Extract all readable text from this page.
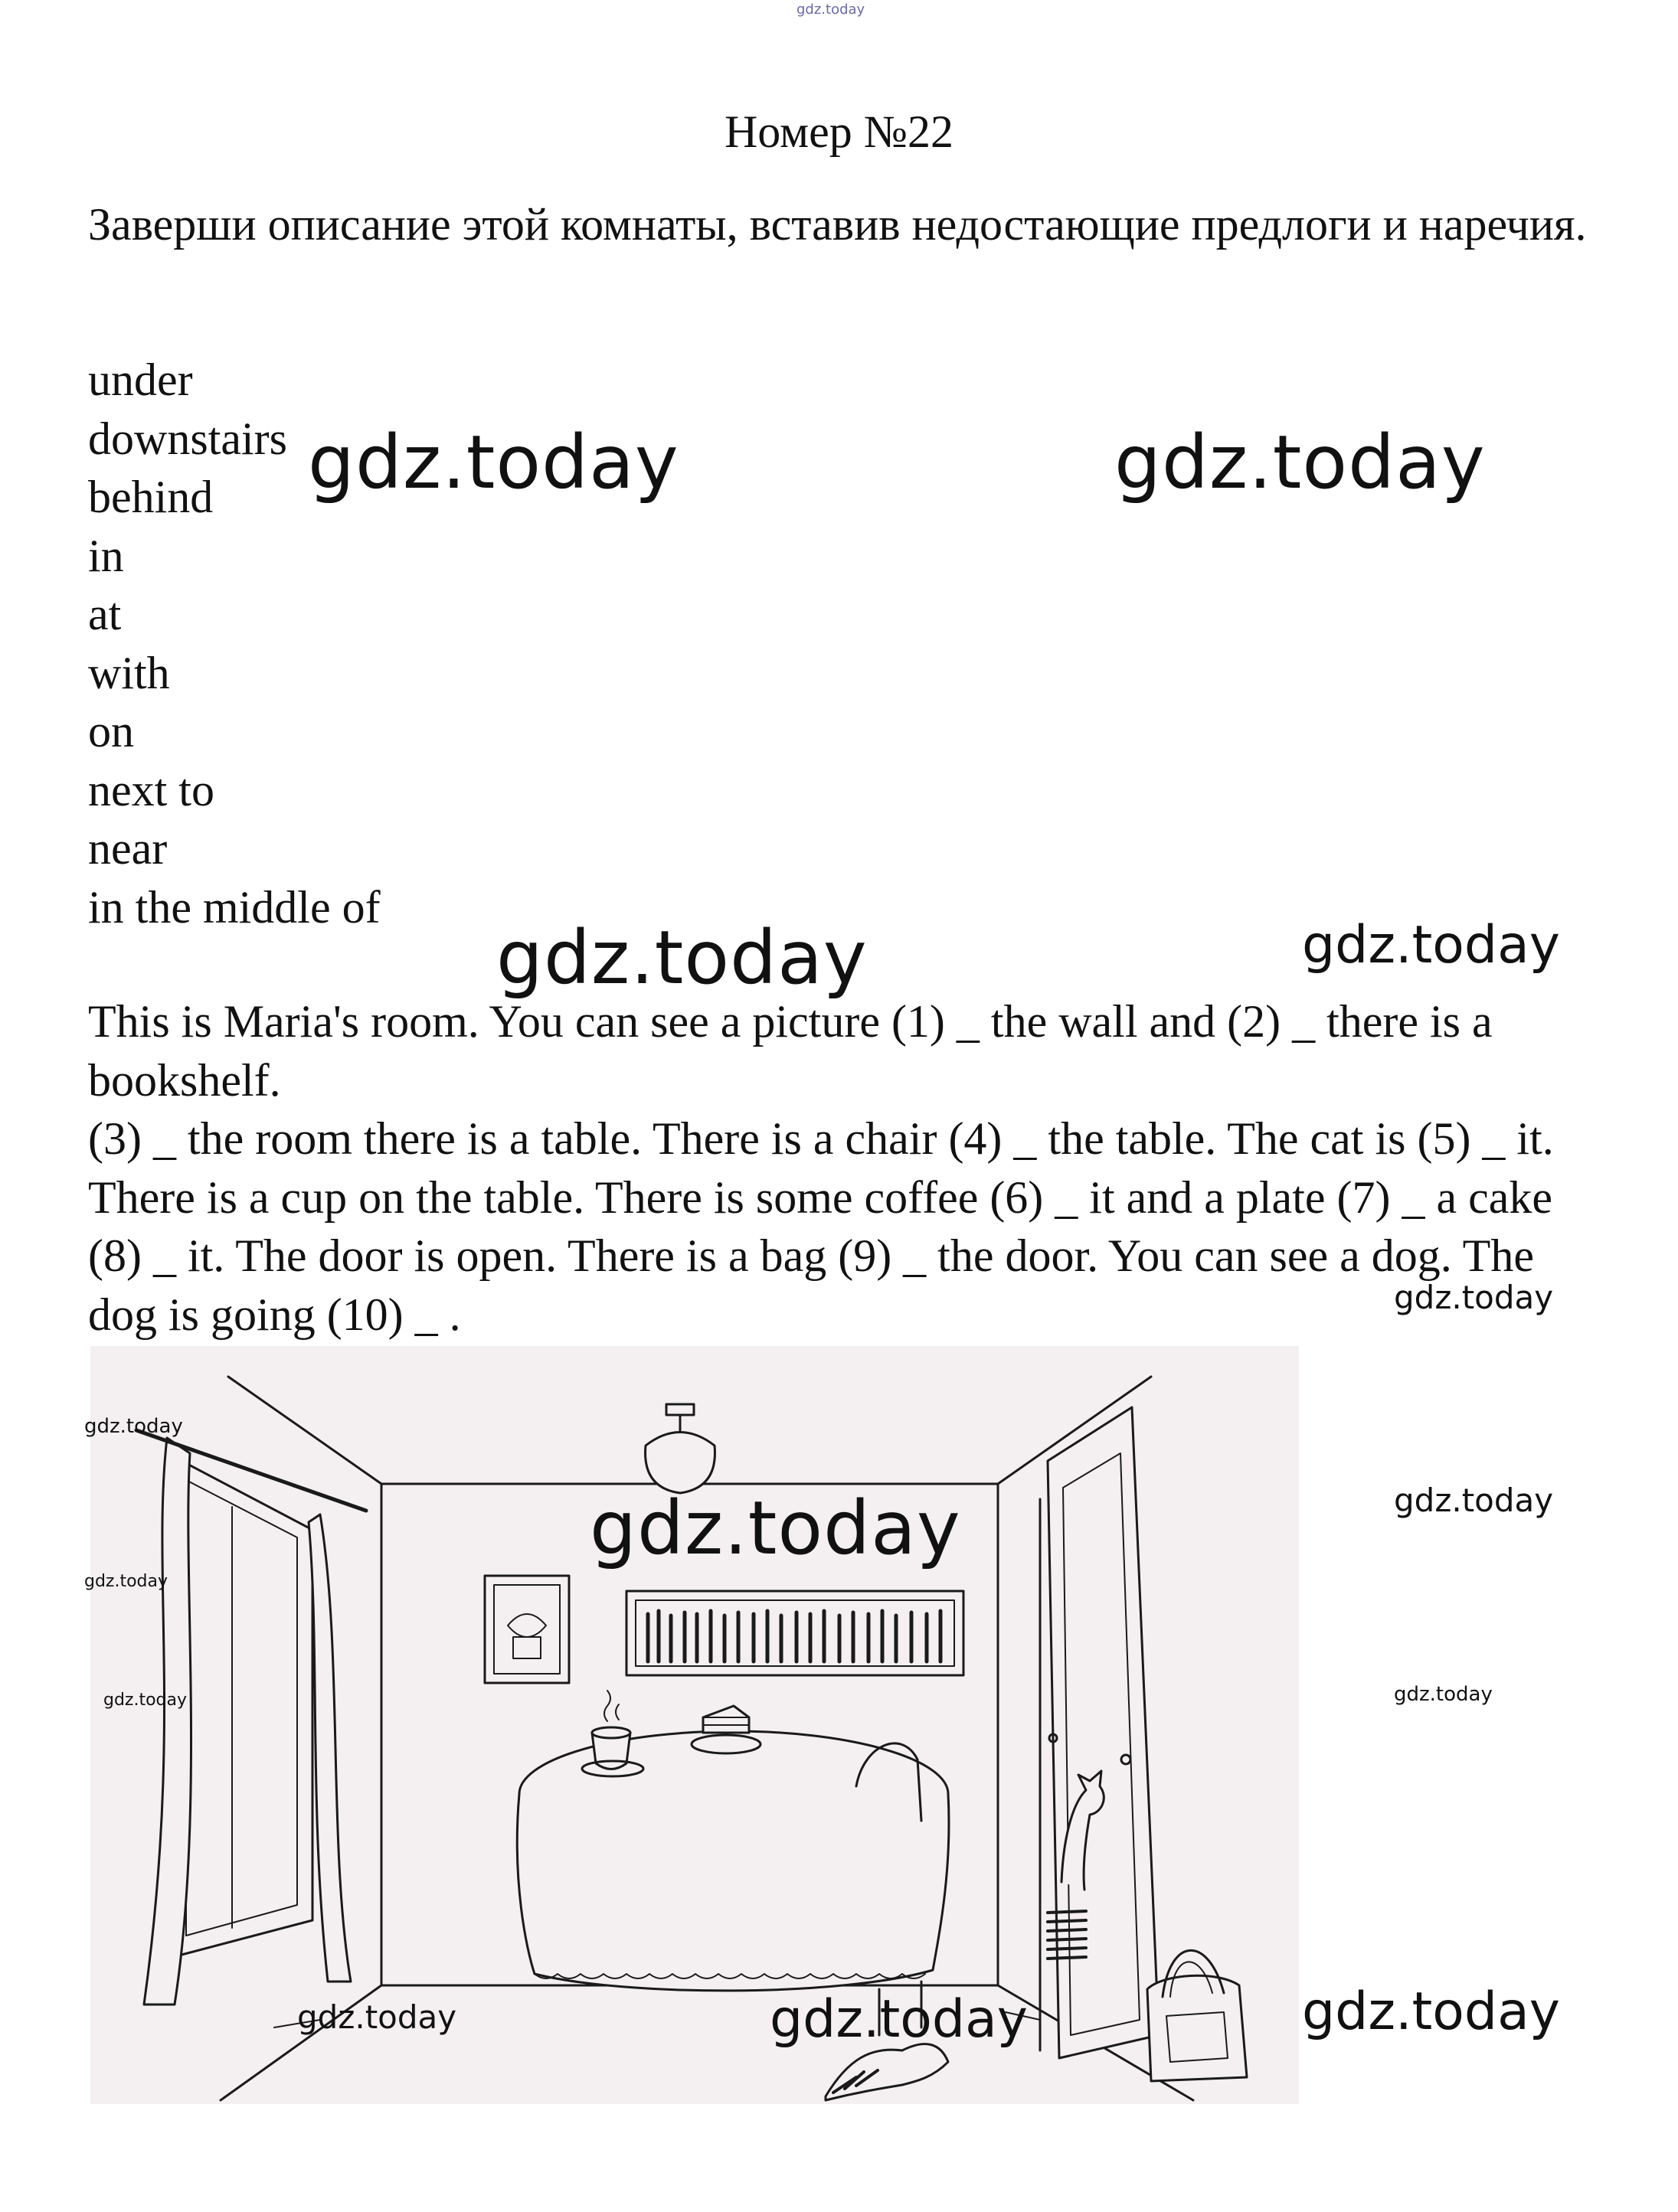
gdz.today
Номер №22

Заверши описание этой комнаты, вставив недостающие предлоги и наречия.

under
downstairs
behind
in
at
with
on
next to
near
in the middle of

This is Maria's room. You can see a picture (1) _ the wall and (2) _ there is a bookshelf.

(3) _ the room there is a table. There is a chair (4) _ the table. The cat is (5) _ it. There is a cup on the table. There is some coffee (6) _ it and a plate (7) _ a cake (8) _ it. The door is open. There is a bag (9) _ the door. You can see a dog. The dog is going (10) _ .

gdz.today	gdz.today
gdz.today	gdz.today
gdz.today
gdz.today
gdz.today	gdz.today
gdz.today
gdz.today	gdz.today
gdz.today	gdz.today	gdz.today
